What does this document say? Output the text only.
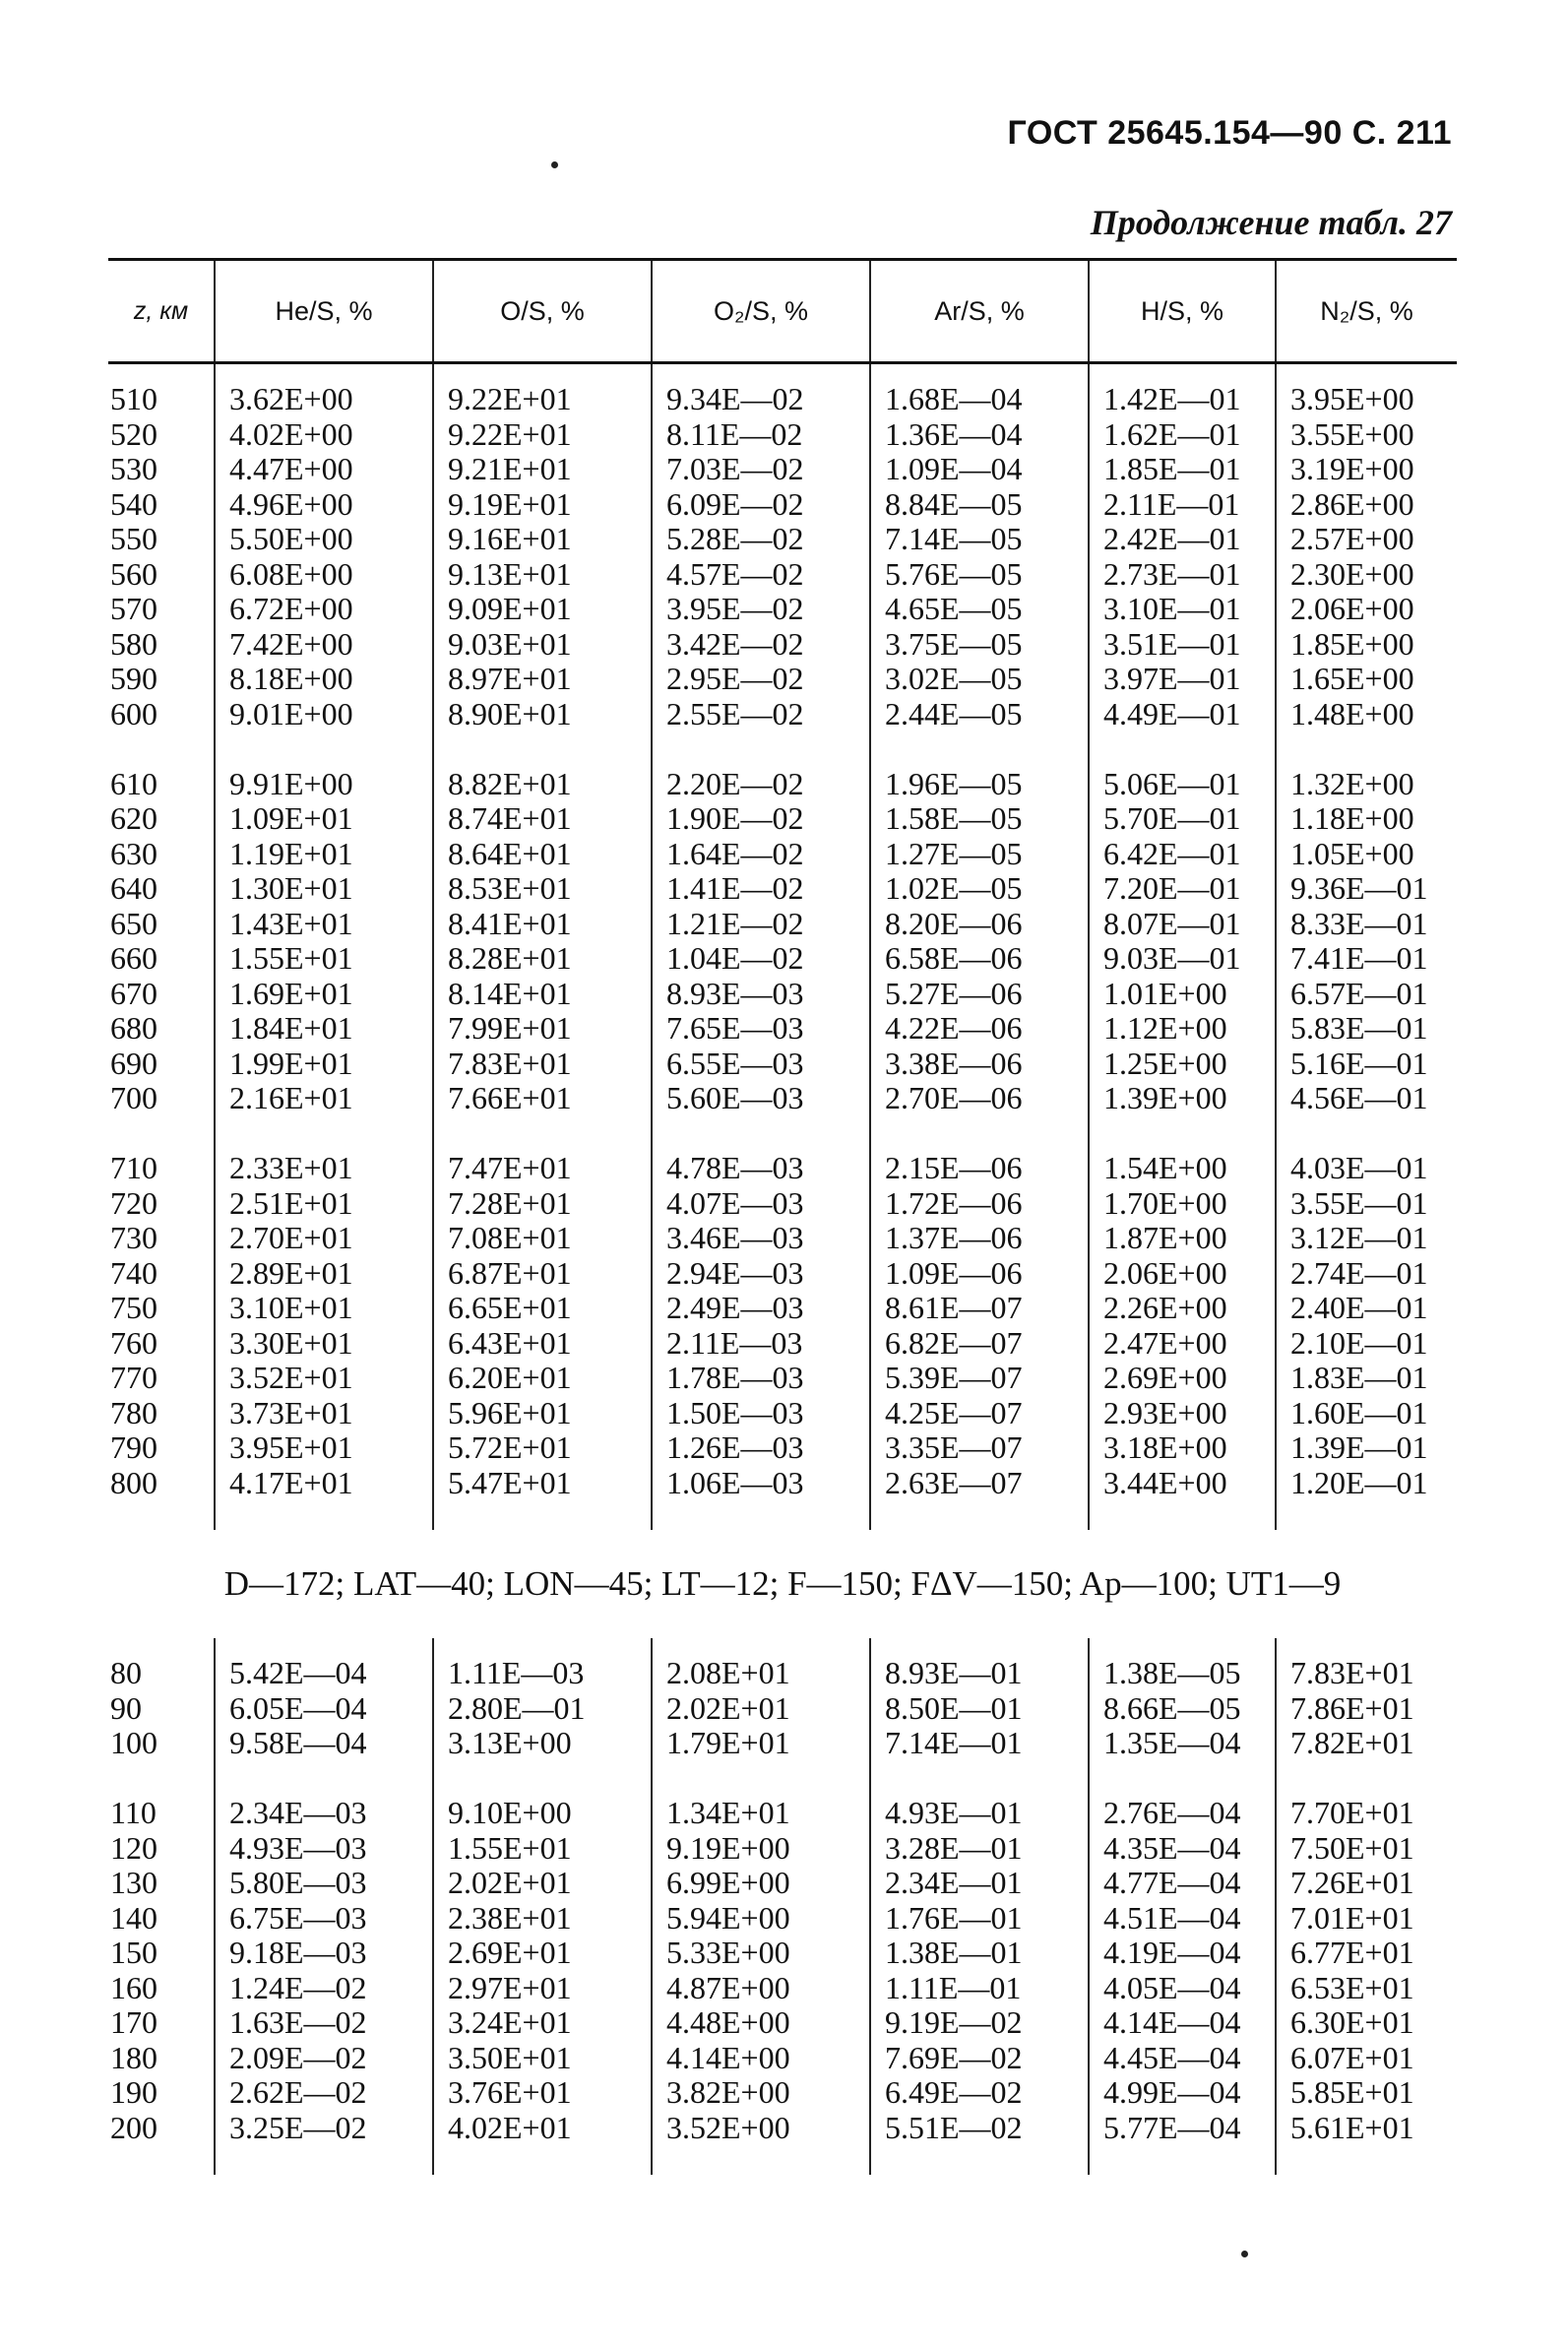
ГОСТ 25645.154—90 С. 211
Продолжение табл. 27
z, км	He/S, %	O/S, %	O₂/S, %	Ar/S, %	H/S, %	N₂/S, %

510	3.62E+00	9.22E+01	9.34E—02	1.68E—04	1.42E—01	3.95E+00
520	4.02E+00	9.22E+01	8.11E—02	1.36E—04	1.62E—01	3.55E+00
530	4.47E+00	9.21E+01	7.03E—02	1.09E—04	1.85E—01	3.19E+00
540	4.96E+00	9.19E+01	6.09E—02	8.84E—05	2.11E—01	2.86E+00
550	5.50E+00	9.16E+01	5.28E—02	7.14E—05	2.42E—01	2.57E+00
560	6.08E+00	9.13E+01	4.57E—02	5.76E—05	2.73E—01	2.30E+00
570	6.72E+00	9.09E+01	3.95E—02	4.65E—05	3.10E—01	2.06E+00
580	7.42E+00	9.03E+01	3.42E—02	3.75E—05	3.51E—01	1.85E+00
590	8.18E+00	8.97E+01	2.95E—02	3.02E—05	3.97E—01	1.65E+00
600	9.01E+00	8.90E+01	2.55E—02	2.44E—05	4.49E—01	1.48E+00

610	9.91E+00	8.82E+01	2.20E—02	1.96E—05	5.06E—01	1.32E+00
620	1.09E+01	8.74E+01	1.90E—02	1.58E—05	5.70E—01	1.18E+00
630	1.19E+01	8.64E+01	1.64E—02	1.27E—05	6.42E—01	1.05E+00
640	1.30E+01	8.53E+01	1.41E—02	1.02E—05	7.20E—01	9.36E—01
650	1.43E+01	8.41E+01	1.21E—02	8.20E—06	8.07E—01	8.33E—01
660	1.55E+01	8.28E+01	1.04E—02	6.58E—06	9.03E—01	7.41E—01
670	1.69E+01	8.14E+01	8.93E—03	5.27E—06	1.01E+00	6.57E—01
680	1.84E+01	7.99E+01	7.65E—03	4.22E—06	1.12E+00	5.83E—01
690	1.99E+01	7.83E+01	6.55E—03	3.38E—06	1.25E+00	5.16E—01
700	2.16E+01	7.66E+01	5.60E—03	2.70E—06	1.39E+00	4.56E—01

710	2.33E+01	7.47E+01	4.78E—03	2.15E—06	1.54E+00	4.03E—01
720	2.51E+01	7.28E+01	4.07E—03	1.72E—06	1.70E+00	3.55E—01
730	2.70E+01	7.08E+01	3.46E—03	1.37E—06	1.87E+00	3.12E—01
740	2.89E+01	6.87E+01	2.94E—03	1.09E—06	2.06E+00	2.74E—01
750	3.10E+01	6.65E+01	2.49E—03	8.61E—07	2.26E+00	2.40E—01
760	3.30E+01	6.43E+01	2.11E—03	6.82E—07	2.47E+00	2.10E—01
770	3.52E+01	6.20E+01	1.78E—03	5.39E—07	2.69E+00	1.83E—01
780	3.73E+01	5.96E+01	1.50E—03	4.25E—07	2.93E+00	1.60E—01
790	3.95E+01	5.72E+01	1.26E—03	3.35E—07	3.18E+00	1.39E—01
800	4.17E+01	5.47E+01	1.06E—03	2.63E—07	3.44E+00	1.20E—01

D—172; LAT—40; LON—45; LT—12; F—150; FΔV—150; Ap—100; UT1—9						

80	5.42E—04	1.11E—03	2.08E+01	8.93E—01	1.38E—05	7.83E+01
90	6.05E—04	2.80E—01	2.02E+01	8.50E—01	8.66E—05	7.86E+01
100	9.58E—04	3.13E+00	1.79E+01	7.14E—01	1.35E—04	7.82E+01

110	2.34E—03	9.10E+00	1.34E+01	4.93E—01	2.76E—04	7.70E+01
120	4.93E—03	1.55E+01	9.19E+00	3.28E—01	4.35E—04	7.50E+01
130	5.80E—03	2.02E+01	6.99E+00	2.34E—01	4.77E—04	7.26E+01
140	6.75E—03	2.38E+01	5.94E+00	1.76E—01	4.51E—04	7.01E+01
150	9.18E—03	2.69E+01	5.33E+00	1.38E—01	4.19E—04	6.77E+01
160	1.24E—02	2.97E+01	4.87E+00	1.11E—01	4.05E—04	6.53E+01
170	1.63E—02	3.24E+01	4.48E+00	9.19E—02	4.14E—04	6.30E+01
180	2.09E—02	3.50E+01	4.14E+00	7.69E—02	4.45E—04	6.07E+01
190	2.62E—02	3.76E+01	3.82E+00	6.49E—02	4.99E—04	5.85E+01
200	3.25E—02	4.02E+01	3.52E+00	5.51E—02	5.77E—04	5.61E+01
